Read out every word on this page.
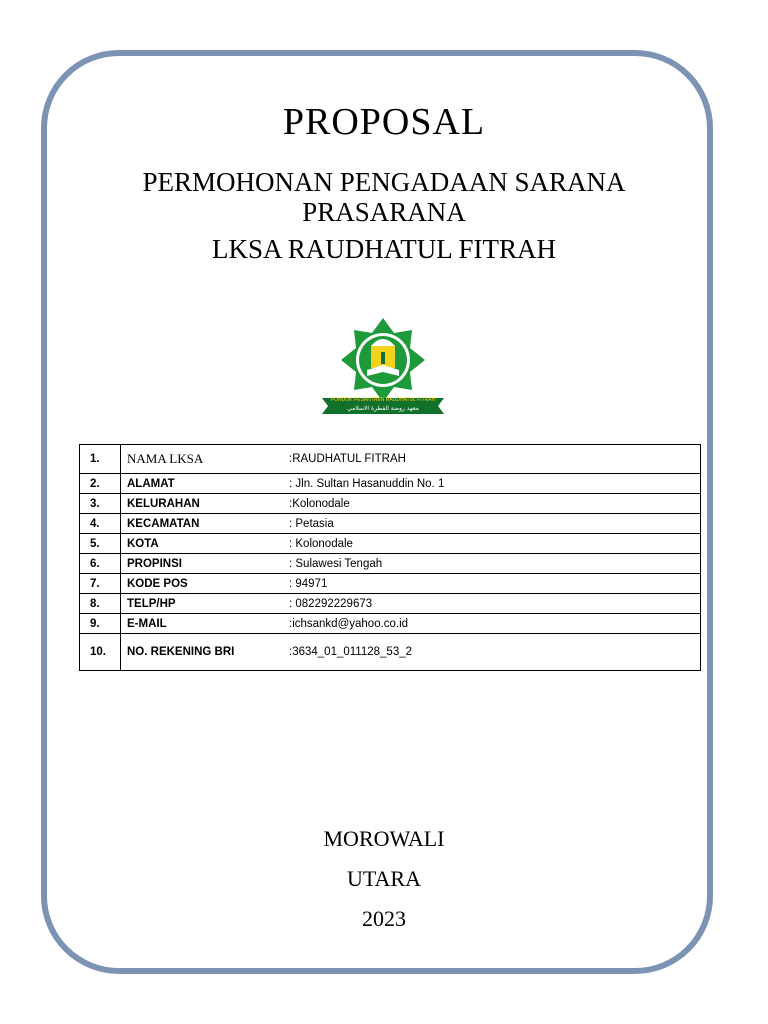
PROPOSAL
PERMOHONAN PENGADAAN SARANA
PRASARANA
LKSA RAUDHATUL FITRAH
PONDOK PESANTREN RAUDHATUL FITRAH
معهد روضة الفطرة الاسلامي
1.	NAMA LKSA	:RAUDHATUL FITRAH
2.	ALAMAT	: Jln. Sultan Hasanuddin No. 1
3.	KELURAHAN	:Kolonodale
4.	KECAMATAN	: Petasia
5.	KOTA	: Kolonodale
6.	PROPINSI	: Sulawesi Tengah
7.	KODE POS	: 94971
8.	TELP/HP	: 082292229673
9.	E-MAIL	:ichsankd@yahoo.co.id
10.	NO. REKENING BRI	:3634_01_011128_53_2
MOROWALI
UTARA
2023
